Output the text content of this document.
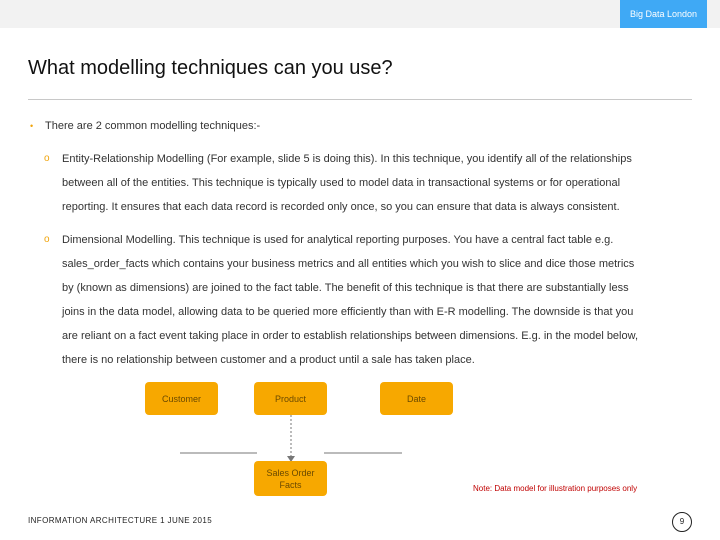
Big Data London
What modelling techniques can you use?
• There are 2 common modelling techniques:-
o Entity-Relationship Modelling (For example, slide 5 is doing this). In this technique, you identify all of the relationships
between all of the entities. This technique is typically used to model data in transactional systems or for operational
reporting. It ensures that each data record is recorded only once, so you can ensure that data is always consistent.
o Dimensional Modelling. This technique is used for analytical reporting purposes. You have a central fact table e.g.
sales_order_facts which contains your business metrics and all entities which you wish to slice and dice those metrics
by (known as dimensions) are joined to the fact table. The benefit of this technique is that there are substantially less
joins in the data model, allowing data to be queried more efficiently than with E-R modelling. The downside is that you
are reliant on a fact event taking place in order to establish relationships between dimensions. E.g. in the model below,
there is no relationship between customer and a product until a sale has taken place.
Customer	Product	Date
Sales Order
Facts	Note: Data model for illustration purposes only
INFORMATION ARCHITECTURE 1 JUNE 2015	9
